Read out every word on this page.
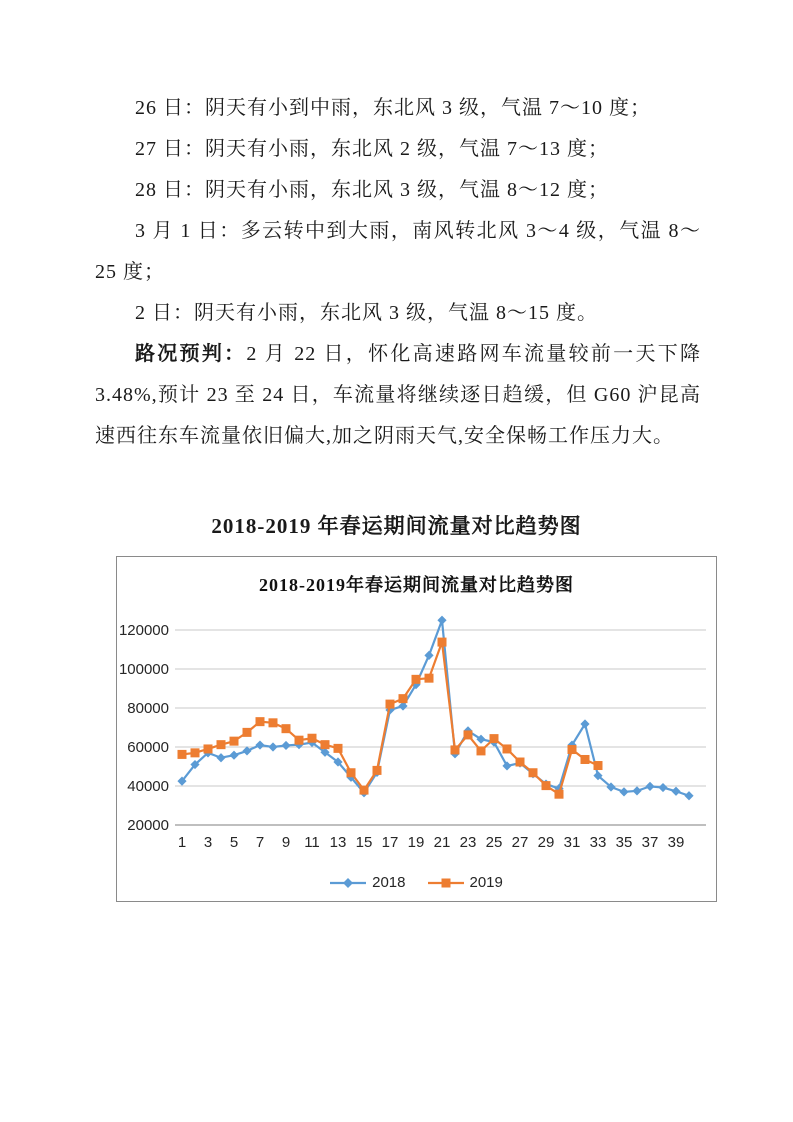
26 日：阴天有小到中雨，东北风 3 级，气温 7～10 度；

27 日：阴天有小雨，东北风 2 级，气温 7～13 度；

28 日：阴天有小雨，东北风 3 级，气温 8～12 度；

3 月 1 日：多云转中到大雨，南风转北风 3～4 级，气温 8～25 度；

2 日：阴天有小雨，东北风 3 级，气温 8～15 度。

路况预判：2 月 22 日，怀化高速路网车流量较前一天下降 3.48%,预计 23 至 24 日，车流量将继续逐日趋缓，但 G60 沪昆高速西往东车流量依旧偏大,加之阴雨天气,安全保畅工作压力大。

2018-2019 年春运期间流量对比趋势图
20000
40000
60000
80000
100000
120000
1 3 5 7 9 11 13 15 17 19 21 23 25 27 29 31 33 35 37 39
2018-2019年春运期间流量对比趋势图
2018	2019
